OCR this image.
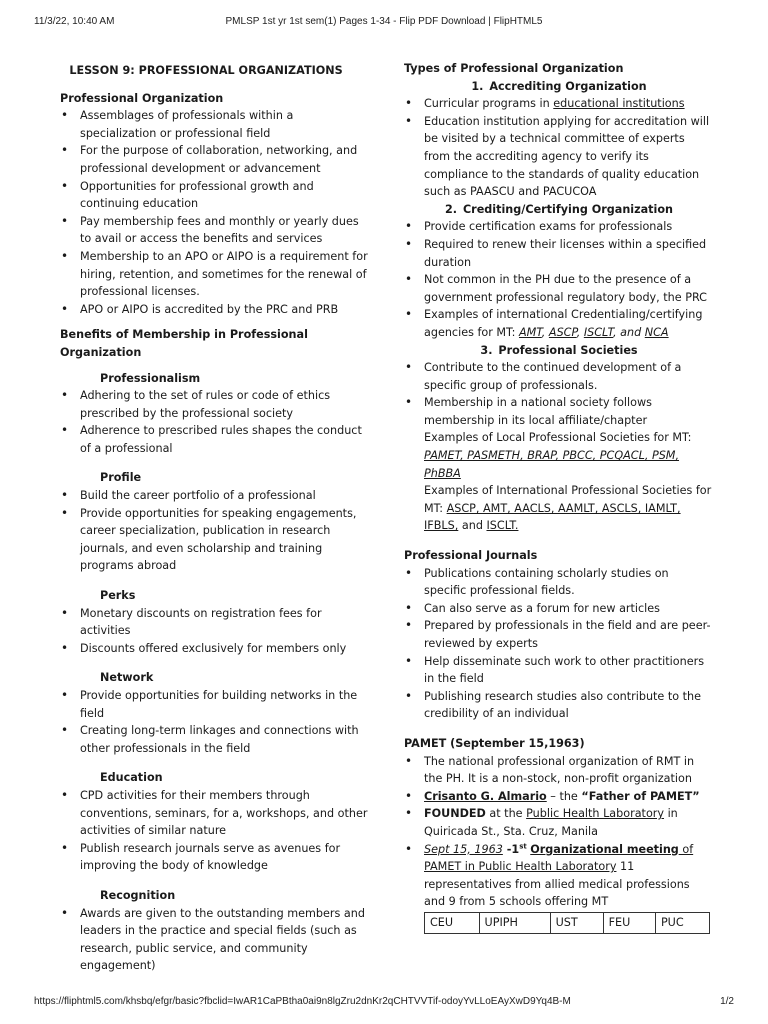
11/3/22, 10:40 AM	PMLSP 1st yr 1st sem(1) Pages 1-34 - Flip PDF Download | FlipHTML5
LESSON 9: PROFESSIONAL ORGANIZATIONS
Professional Organization
• Assemblages of professionals within a specialization or professional field
• For the purpose of collaboration, networking, and professional development or advancement
• Opportunities for professional growth and continuing education
• Pay membership fees and monthly or yearly dues to avail or access the benefits and services
• Membership to an APO or AIPO is a requirement for hiring, retention, and sometimes for the renewal of professional licenses.
• APO or AIPO is accredited by the PRC and PRB
Benefits of Membership in Professional Organization
Professionalism
• Adhering to the set of rules or code of ethics prescribed by the professional society
• Adherence to prescribed rules shapes the conduct of a professional
Profile
• Build the career portfolio of a professional
• Provide opportunities for speaking engagements, career specialization, publication in research journals, and even scholarship and training programs abroad
Perks
• Monetary discounts on registration fees for activities
• Discounts offered exclusively for members only
Network
• Provide opportunities for building networks in the field
• Creating long-term linkages and connections with other professionals in the field
Education
• CPD activities for their members through conventions, seminars, for a, workshops, and other activities of similar nature
• Publish research journals serve as avenues for improving the body of knowledge
Recognition
• Awards are given to the outstanding members and leaders in the practice and special fields (such as research, public service, and community engagement)
Types of Professional Organization
1. Accrediting Organization
• Curricular programs in educational institutions
• Education institution applying for accreditation will be visited by a technical committee of experts from the accrediting agency to verify its compliance to the standards of quality education such as PAASCU and PACUCOA
2. Crediting/Certifying Organization
• Provide certification exams for professionals
• Required to renew their licenses within a specified duration
• Not common in the PH due to the presence of a government professional regulatory body, the PRC
• Examples of international Credentialing/certifying agencies for MT: AMT, ASCP, ISCLT, and NCA
3. Professional Societies
• Contribute to the continued development of a specific group of professionals.
• Membership in a national society follows membership in its local affiliate/chapter
Examples of Local Professional Societies for MT:
PAMET, PASMETH, BRAP, PBCC, PCQACL, PSM, PhBBA
Examples of International Professional Societies for MT: ASCP, AMT, AACLS, AAMLT, ASCLS, IAMLT, IFBLS, and ISCLT.
Professional Journals
• Publications containing scholarly studies on specific professional fields.
• Can also serve as a forum for new articles
• Prepared by professionals in the field and are peer-reviewed by experts
• Help disseminate such work to other practitioners in the field
• Publishing research studies also contribute to the credibility of an individual
PAMET (September 15,1963)
• The national professional organization of RMT in the PH. It is a non-stock, non-profit organization
• Crisanto G. Almario – the “Father of PAMET”
• FOUNDED at the Public Health Laboratory in Quiricada St., Sta. Cruz, Manila
• Sept 15, 1963 -1st Organizational meeting of PAMET in Public Health Laboratory 11 representatives from allied medical professions and 9 from 5 schools offering MT
CEU	UPIPH	UST	FEU	PUC
https://fliphtml5.com/khsbq/efgr/basic?fbclid=IwAR1CaPBtha0ai9n8lgZru2dnKr2qCHTVVTif-odoyYvLLoEAyXwD9Yq4B-M	1/2
